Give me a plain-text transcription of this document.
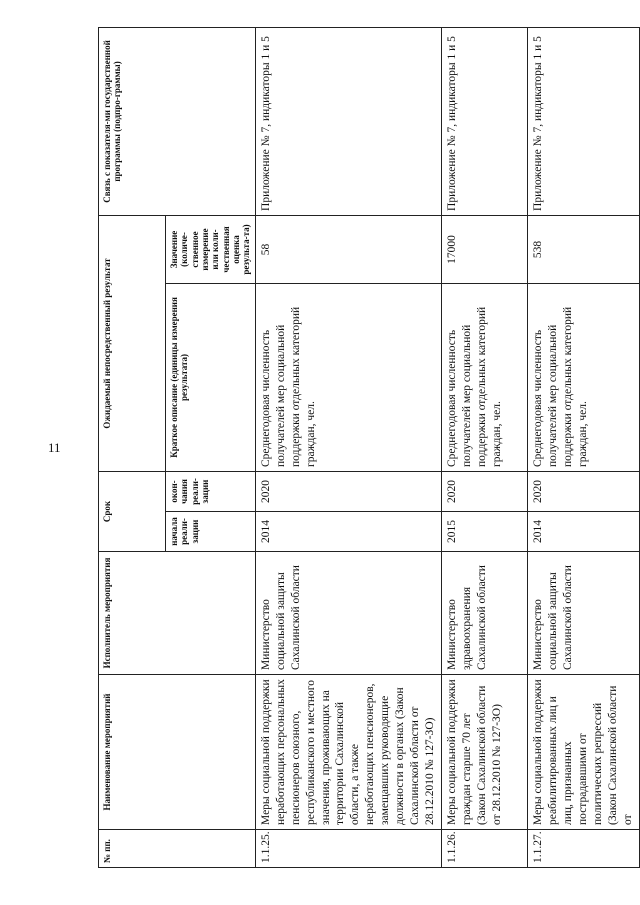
11
№ пп.	Наименование мероприятий	Исполнитель мероприятия	Срок		Ожидаемый непосредственный результат		Связь с показателя-ми государственной программы (подпро-граммы)
			начала реали-зации	окон-чания реали-зации	Краткое описание (единицы измерения результата)	Значение (количе-ственное измерение или коли-чественная оценка результа-та)	
1.1.25.	Меры социальной поддержки неработающих персональных пенсионеров союзного, республиканского и местного значения, проживающих на территории Сахалинской области, а также неработающих пенсионеров, замещавших руководящие должности в органах (Закон Сахалинской области от 28.12.2010 № 127-ЗО)	Министерство социальной защиты Сахалинской области	2014	2020	Среднегодовая численность получателей мер социальной поддержки отдельных категорий граждан, чел.	58	Приложение № 7, индикаторы 1 и 5
1.1.26.	Меры социальной поддержки граждан старше 70 лет (Закон Сахалинской области от 28.12.2010 № 127-ЗО)	Министерство здравоохранения Сахалинской области	2015	2020	Среднегодовая численность получателей мер социальной поддержки отдельных категорий граждан, чел.	17000	Приложение № 7, индикаторы 1 и 5
1.1.27.	Меры социальной поддержки реабилитированных лиц и лиц, признанных пострадавшими от политических репрессий (Закон Сахалинской области от	Министерство социальной защиты Сахалинской области	2014	2020	Среднегодовая численность получателей мер социальной поддержки отдельных категорий граждан, чел.	538	Приложение № 7, индикаторы 1 и 5
